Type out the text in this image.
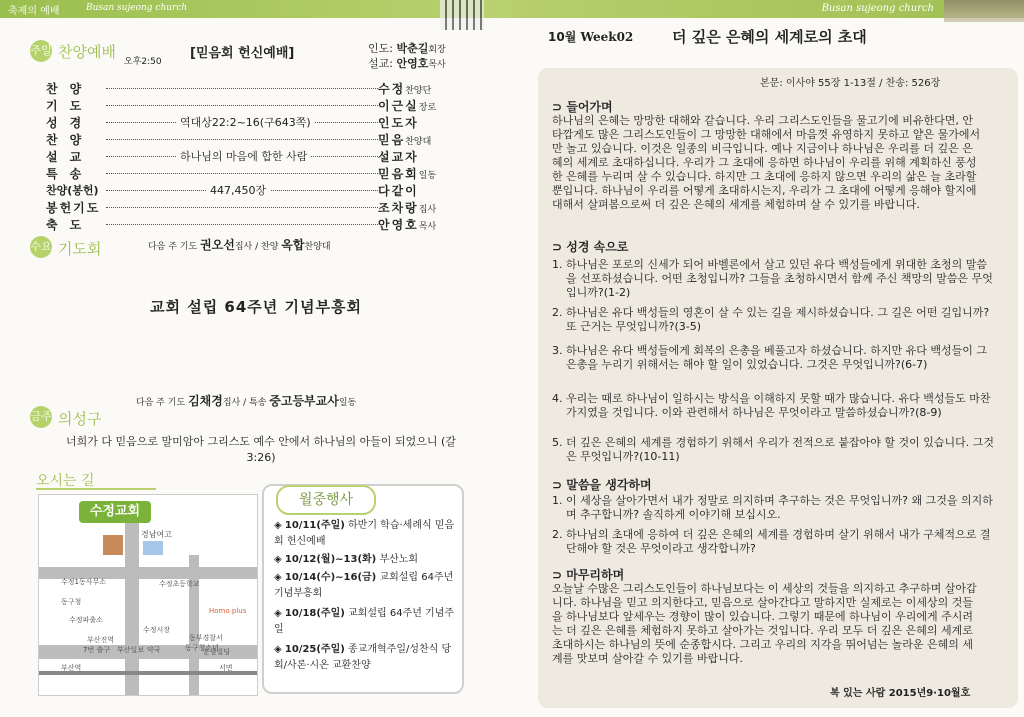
축제의 예배	Busan sujeong church
주일 찬양예배
오후2:50
[믿음회 헌신예배]	인도: 박춘길회장
설교: 안영호목사
찬양	수정찬양단
기도	이근실장로
성경	역대상22:2~16(구643쪽)	인도자
찬양	믿음찬양대
설교	하나님의 마음에 합한 사람	설교자
특송	믿음회일동
찬양(봉헌)	447,450장	다같이
봉헌기도	조차랑집사
축도	안영호목사
다음 주 기도 권오선집사 / 찬양 옥합찬양대
수요 기도회
교회 설립 64주년 기념부흥회
다음 주 기도 김채경집사 / 특송 중고등부교사일동
금주 의성구
너희가 다 믿음으로 말미암아 그리스도 예수 안에서 하나님의 아들이 되었으니 (갈3:26)
오시는 길
수정교회
경남여고
수정초등학교
수정1동사무소
동구청
수정파출소
수정시장
Homo plus
부산진역
7번 출구 부산일보 약국
동부경찰서
동구청소년
운림빌딩
부산역	서면
월중행사
◈ 10/11(주일) 하반기 학습·세례식 믿음회 헌신예배
◈ 10/12(월)~13(화) 부산노회
◈ 10/14(수)~16(금) 교회설립 64주년 기념부흥회
◈ 10/18(주일) 교회설립 64주년 기념주일
◈ 10/25(주일) 종교개혁주일/성찬식 당회/사론·시온 교환찬양
Busan sujeong church
10월 Week02	더 깊은 은혜의 세계로의 초대
본문: 이사야 55장 1-13절 / 찬송: 526장
⊃ 들어가며
하나님의 은혜는 망망한 대해와 같습니다. 우리 그리스도인들을 물고기에 비유한다면, 안타깝게도 많은 그리스도인들이 그 망망한 대해에서 마음껏 유영하지 못하고 얕은 물가에서만 놀고 있습니다. 이것은 일종의 비극입니다. 예나 지금이나 하나님은 우리를 더 깊은 은혜의 세계로 초대하십니다. 우리가 그 초대에 응하면 하나님이 우리를 위해 계획하신 풍성한 은혜를 누리며 살 수 있습니다. 하지만 그 초대에 응하지 않으면 우리의 삶은 늘 초라할 뿐입니다. 하나님이 우리를 어떻게 초대하시는지, 우리가 그 초대에 어떻게 응해야 할지에 대해서 살펴봄으로써 더 깊은 은혜의 세계를 체험하며 살 수 있기를 바랍니다.
⊃ 성경 속으로
1. 하나님은 포로의 신세가 되어 바벨론에서 살고 있던 유다 백성들에게 위대한 초청의 말씀을 선포하셨습니다. 어떤 초청입니까? 그들을 초청하시면서 함께 주신 책망의 말씀은 무엇입니까?(1-2)
2. 하나님은 유다 백성들의 영혼이 살 수 있는 길을 제시하셨습니다. 그 길은 어떤 길입니까? 또 근거는 무엇입니까?(3-5)
3. 하나님은 유다 백성들에게 회복의 은총을 베풀고자 하셨습니다. 하지만 유다 백성들이 그 은총을 누리기 위해서는 해야 할 일이 있었습니다. 그것은 무엇입니까?(6-7)
4. 우리는 때로 하나님이 일하시는 방식을 이해하지 못할 때가 많습니다. 유다 백성들도 마찬가지였을 것입니다. 이와 관련해서 하나님은 무엇이라고 말씀하셨습니까?(8-9)
5. 더 깊은 은혜의 세계를 경험하기 위해서 우리가 전적으로 붙잡아야 할 것이 있습니다. 그것은 무엇입니까?(10-11)
⊃ 말씀을 생각하며
1. 이 세상을 살아가면서 내가 정말로 의지하며 추구하는 것은 무엇입니까? 왜 그것을 의지하며 추구합니까? 솔직하게 이야기해 보십시오.
2. 하나님의 초대에 응하여 더 깊은 은혜의 세계를 경험하며 살기 위해서 내가 구체적으로 결단해야 할 것은 무엇이라고 생각합니까?
⊃ 마무리하며
오늘날 수많은 그리스도인들이 하나님보다는 이 세상의 것들을 의지하고 추구하며 살아갑니다. 하나님을 믿고 의지한다고, 믿음으로 살아간다고 말하지만 실제로는 이세상의 것들을 하나님보다 앞세우는 경향이 많이 있습니다. 그렇기 때문에 하나님이 우리에게 주시려는 더 깊은 은혜를 체험하지 못하고 살아가는 것입니다. 우리 모두 더 깊은 은혜의 세계로 초대하시는 하나님의 뜻에 순종합시다. 그리고 우리의 지각을 뛰어넘는 놀라운 은혜의 세계를 맛보며 살아갈 수 있기를 바랍니다.
복 있는 사람 2015년9·10월호
